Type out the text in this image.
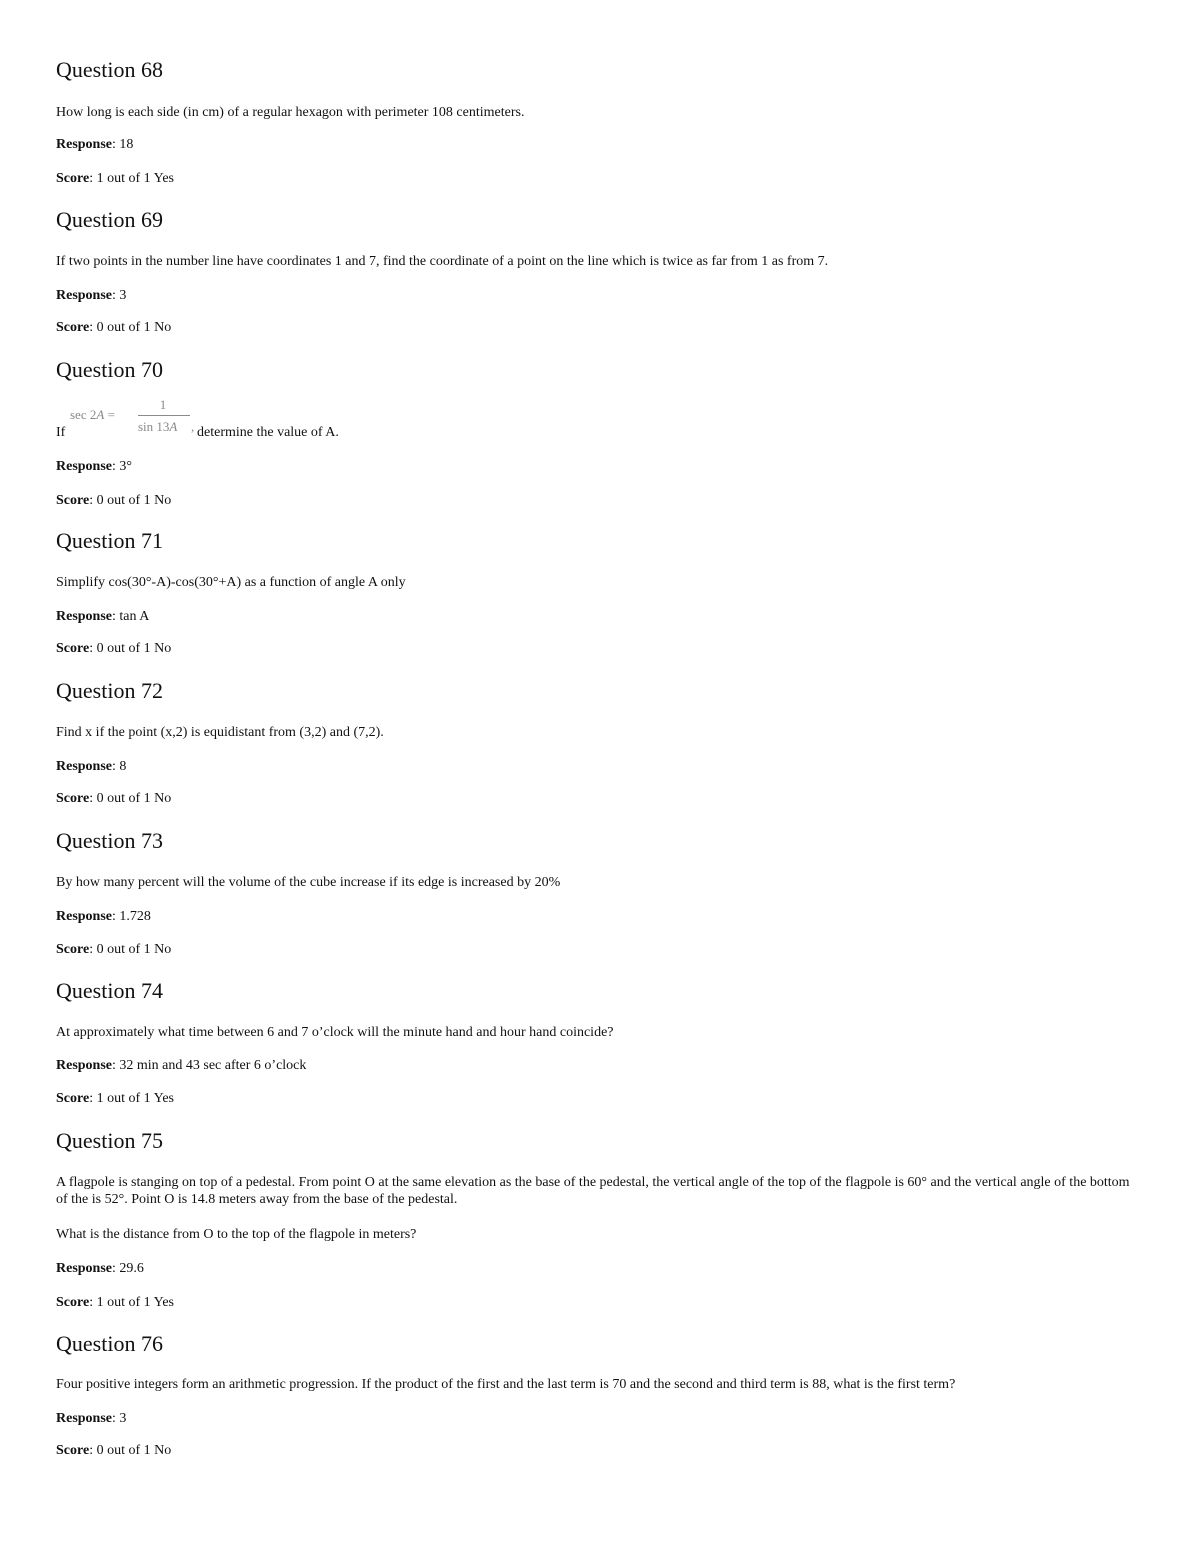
Question 68

How long is each side (in cm) of a regular hexagon with perimeter 108 centimeters.

Response: 18

Score: 1 out of 1 Yes

Question 69

If two points in the number line have coordinates 1 and 7, find the coordinate of a point on the line which is twice as far from 1 as from 7.

Response: 3

Score: 0 out of 1 No

Question 70
If
sec 2A =
1
sin 13A , determine the value of A.

Response: 3°

Score: 0 out of 1 No

Question 71

Simplify cos(30°-A)-cos(30°+A) as a function of angle A only

Response: tan A

Score: 0 out of 1 No

Question 72

Find x if the point (x,2) is equidistant from (3,2) and (7,2).

Response: 8

Score: 0 out of 1 No

Question 73

By how many percent will the volume of the cube increase if its edge is increased by 20%

Response: 1.728

Score: 0 out of 1 No

Question 74

At approximately what time between 6 and 7 o’clock will the minute hand and hour hand coincide?

Response: 32 min and 43 sec after 6 o’clock

Score: 1 out of 1 Yes

Question 75

A flagpole is stanging on top of a pedestal. From point O at the same elevation as the base of the pedestal, the vertical angle of the top of the flagpole is 60° and the vertical angle of the bottom of the is 52°. Point O is 14.8 meters away from the base of the pedestal.

What is the distance from O to the top of the flagpole in meters?

Response: 29.6

Score: 1 out of 1 Yes

Question 76

Four positive integers form an arithmetic progression. If the product of the first and the last term is 70 and the second and third term is 88, what is the first term?

Response: 3

Score: 0 out of 1 No
